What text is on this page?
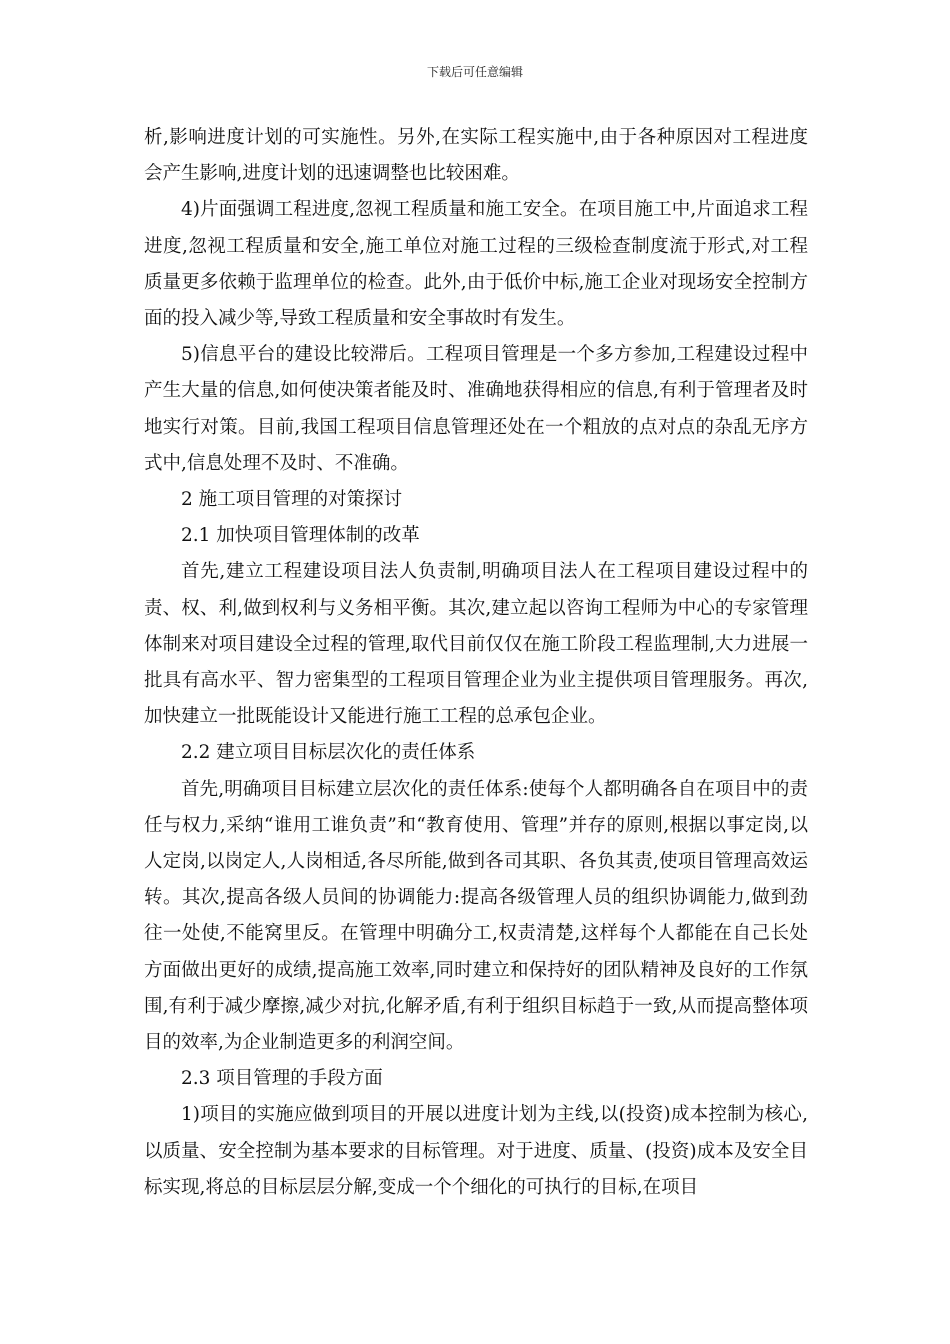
下载后可任意编辑

析,影响进度计划的可实施性。另外,在实际工程实施中,由于各种原因对工程进度会产生影响,进度计划的迅速调整也比较困难。

4)片面强调工程进度,忽视工程质量和施工安全。在项目施工中,片面追求工程进度,忽视工程质量和安全,施工单位对施工过程的三级检查制度流于形式,对工程质量更多依赖于监理单位的检查。此外,由于低价中标,施工企业对现场安全控制方面的投入减少等,导致工程质量和安全事故时有发生。

5)信息平台的建设比较滞后。工程项目管理是一个多方参加,工程建设过程中产生大量的信息,如何使决策者能及时、准确地获得相应的信息,有利于管理者及时地实行对策。目前,我国工程项目信息管理还处在一个粗放的点对点的杂乱无序方式中,信息处理不及时、不准确。

2 施工项目管理的对策探讨

2.1 加快项目管理体制的改革

首先,建立工程建设项目法人负责制,明确项目法人在工程项目建设过程中的责、权、利,做到权利与义务相平衡。其次,建立起以咨询工程师为中心的专家管理体制来对项目建设全过程的管理,取代目前仅仅在施工阶段工程监理制,大力进展一批具有高水平、智力密集型的工程项目管理企业为业主提供项目管理服务。再次,加快建立一批既能设计又能进行施工工程的总承包企业。

2.2 建立项目目标层次化的责任体系

首先,明确项目目标建立层次化的责任体系:使每个人都明确各自在项目中的责任与权力,采纳“谁用工谁负责”和“教育使用、管理”并存的原则,根据以事定岗,以人定岗,以岗定人,人岗相适,各尽所能,做到各司其职、各负其责,使项目管理高效运转。其次,提高各级人员间的协调能力:提高各级管理人员的组织协调能力,做到劲往一处使,不能窝里反。在管理中明确分工,权责清楚,这样每个人都能在自己长处方面做出更好的成绩,提高施工效率,同时建立和保持好的团队精神及良好的工作氛围,有利于减少摩擦,减少对抗,化解矛盾,有利于组织目标趋于一致,从而提高整体项目的效率,为企业制造更多的利润空间。

2.3 项目管理的手段方面

1)项目的实施应做到项目的开展以进度计划为主线,以(投资)成本控制为核心,以质量、安全控制为基本要求的目标管理。对于进度、质量、(投资)成本及安全目标实现,将总的目标层层分解,变成一个个细化的可执行的目标,在项目
